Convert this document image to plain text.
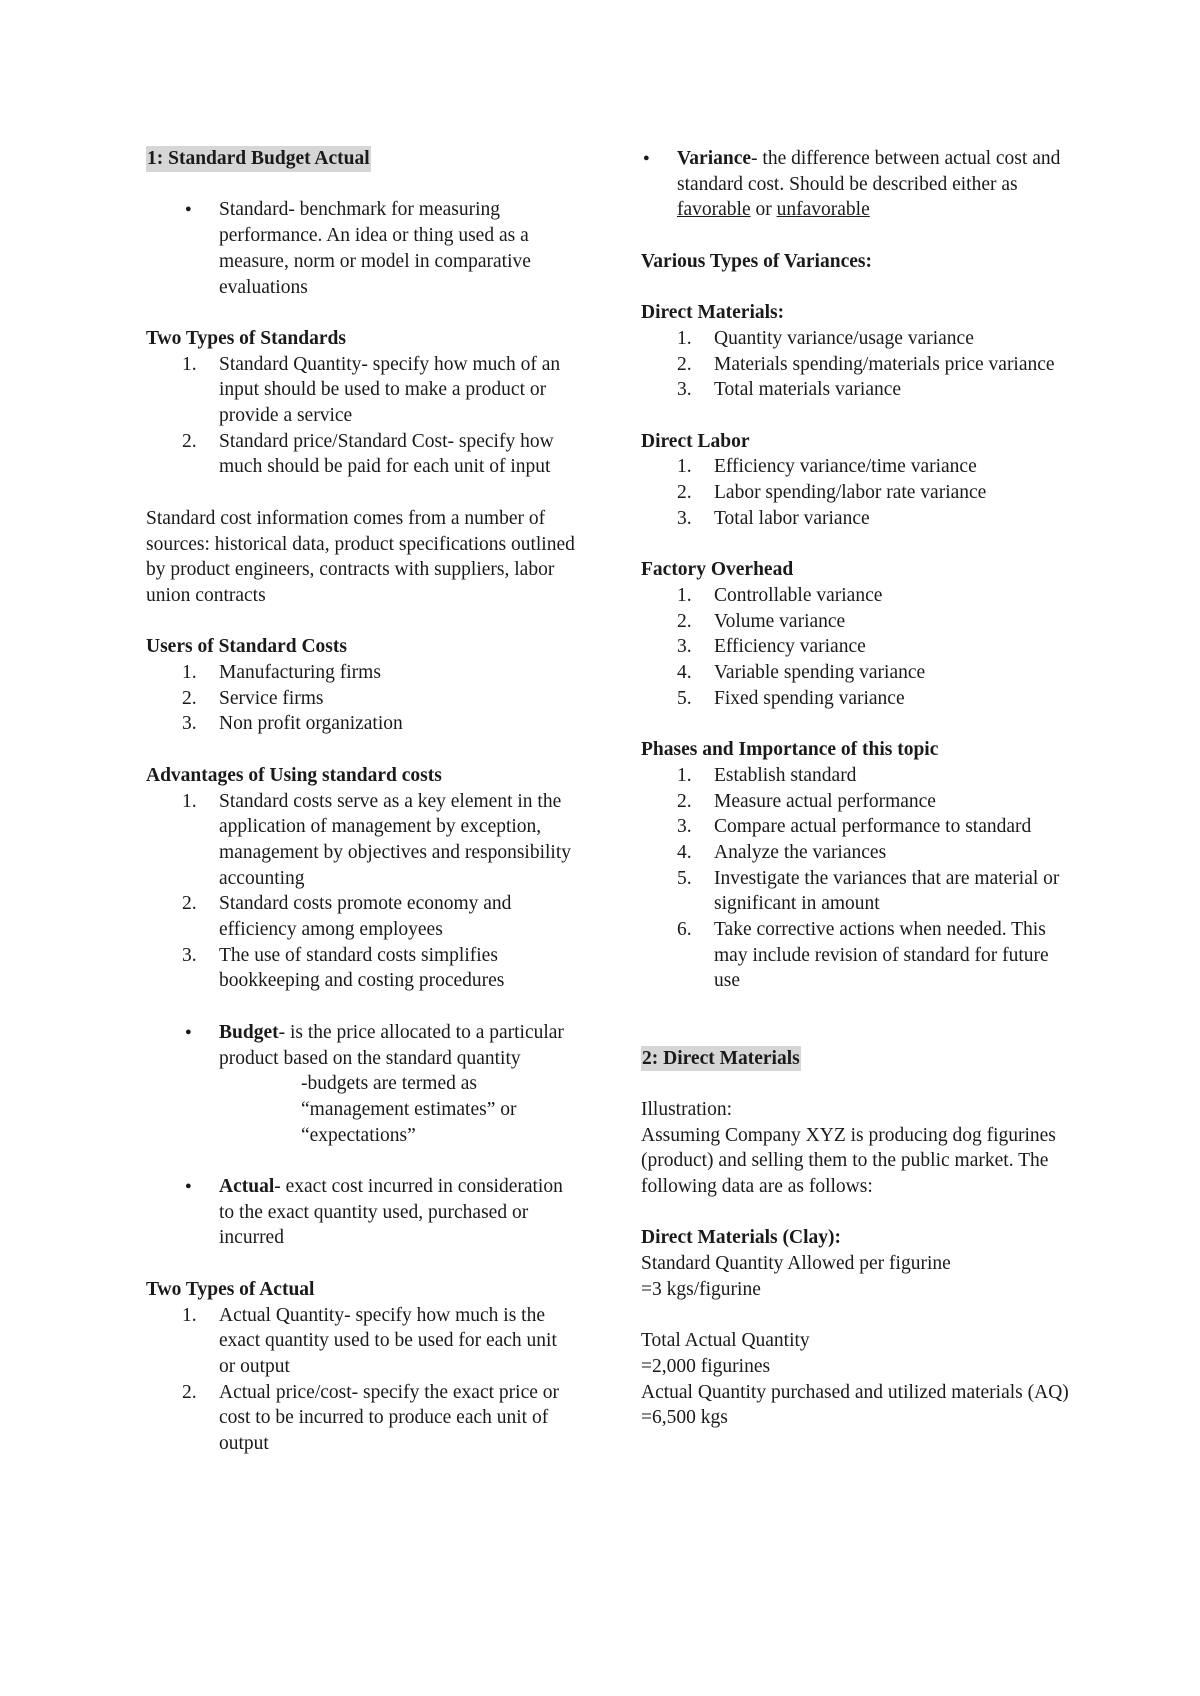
1: Standard Budget Actual

● Standard- benchmark for measuring performance. An idea or thing used as a measure, norm or model in comparative evaluations

Two Types of Standards

1. Standard Quantity- specify how much of an input should be used to make a product or provide a service
2. Standard price/Standard Cost- specify how much should be paid for each unit of input

Standard cost information comes from a number of sources: historical data, product specifications outlined by product engineers, contracts with suppliers, labor union contracts

Users of Standard Costs

1. Manufacturing firms
2. Service firms
3. Non profit organization

Advantages of Using standard costs

1. Standard costs serve as a key element in the application of management by exception, management by objectives and responsibility accounting
2. Standard costs promote economy and efficiency among employees
3. The use of standard costs simplifies bookkeeping and costing procedures
● Budget- is the price allocated to a particular product based on the standard quantity

-budgets are termed as “management estimates” or “expectations”

● Actual- exact cost incurred in consideration to the exact quantity used, purchased or incurred

Two Types of Actual

1. Actual Quantity- specify how much is the exact quantity used to be used for each unit or output
2. Actual price/cost- specify the exact price or cost to be incurred to produce each unit of output
● Variance- the difference between actual cost and standard cost. Should be described either as favorable or unfavorable

Various Types of Variances:

Direct Materials:

1. Quantity variance/usage variance
2. Materials spending/materials price variance
3. Total materials variance

Direct Labor

1. Efficiency variance/time variance
2. Labor spending/labor rate variance
3. Total labor variance

Factory Overhead

1. Controllable variance
2. Volume variance
3. Efficiency variance
4. Variable spending variance
5. Fixed spending variance

Phases and Importance of this topic

1. Establish standard
2. Measure actual performance
3. Compare actual performance to standard
4. Analyze the variances
5. Investigate the variances that are material or significant in amount
6. Take corrective actions when needed. This may include revision of standard for future use

2: Direct Materials

Illustration:

Assuming Company XYZ is producing dog figurines (product) and selling them to the public market. The following data are as follows:

Direct Materials (Clay):

Standard Quantity Allowed per figurine

=3 kgs/figurine

Total Actual Quantity

=2,000 figurines

Actual Quantity purchased and utilized materials (AQ)

=6,500 kgs
